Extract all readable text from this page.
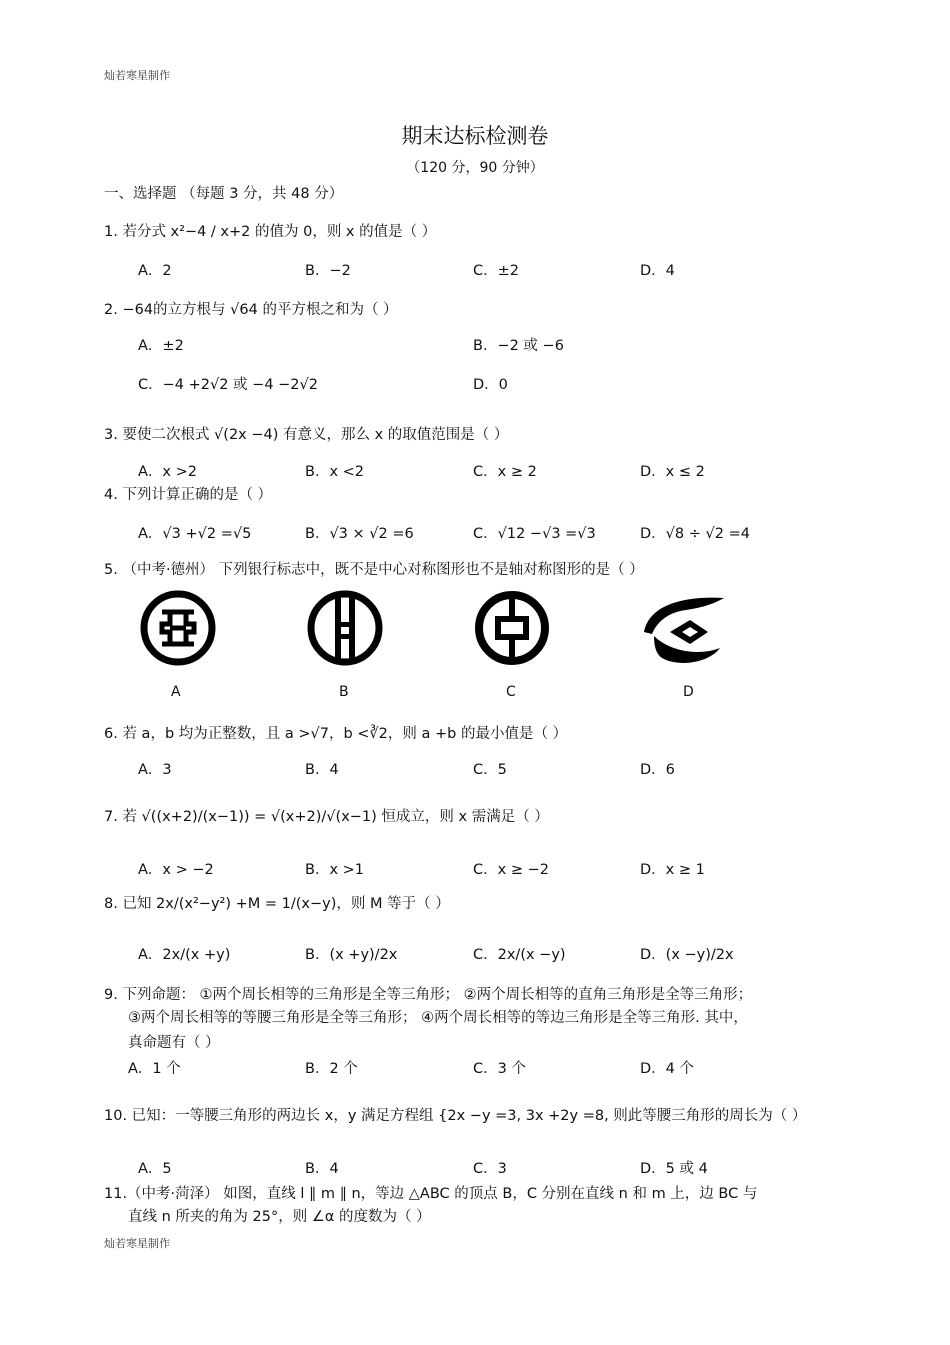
灿若寒星制作
期末达标检测卷
（120 分，90 分钟）
一、选择题 （每题 3 分，共 48 分）
1. 若分式 x²−4 / x+2 的值为 0，则 x 的值是（ ）
A．2	B．−2	C．±2	D．4
2. −64的立方根与 √64 的平方根之和为（ ）
A．±2	B．−2 或 −6
C．−4 +2√2 或 −4 −2√2	D．0
3. 要使二次根式 √(2x −4) 有意义，那么 x 的取值范围是（ ）
A．x >2	B．x <2	C．x ≥ 2	D．x ≤ 2
4. 下列计算正确的是（ ）
A．√3 +√2 =√5	B．√3 × √2 =6	C．√12 −√3 =√3	D．√8 ÷ √2 =4
5. （中考·德州） 下列银行标志中，既不是中心对称图形也不是轴对称图形的是（ ）
A	B	C	D
6. 若 a，b 均为正整数，且 a >√7，b <∛2，则 a +b 的最小值是（ ）
A．3	B．4	C．5	D．6
7. 若 √((x+2)/(x−1)) = √(x+2)/√(x−1) 恒成立，则 x 需满足（ ）
A．x > −2	B．x >1	C．x ≥ −2	D．x ≥ 1
8. 已知 2x/(x²−y²) +M = 1/(x−y)，则 M 等于（ ）
A．2x/(x +y)	B．(x +y)/2x	C．2x/(x −y)	D．(x −y)/2x
9. 下列命题： ①两个周长相等的三角形是全等三角形； ②两个周长相等的直角三角形是全等三角形；
③两个周长相等的等腰三角形是全等三角形； ④两个周长相等的等边三角形是全等三角形. 其中，
真命题有（ ）
A．1 个	B．2 个	C．3 个	D．4 个
10. 已知：一等腰三角形的两边长 x，y 满足方程组 {2x −y =3, 3x +2y =8, 则此等腰三角形的周长为（ ）
A．5	B．4	C．3	D．5 或 4
11.（中考·菏泽） 如图，直线 l ∥ m ∥ n，等边 △ABC 的顶点 B，C 分别在直线 n 和 m 上，边 BC 与
直线 n 所夹的角为 25°，则 ∠α 的度数为（ ）
灿若寒星制作
